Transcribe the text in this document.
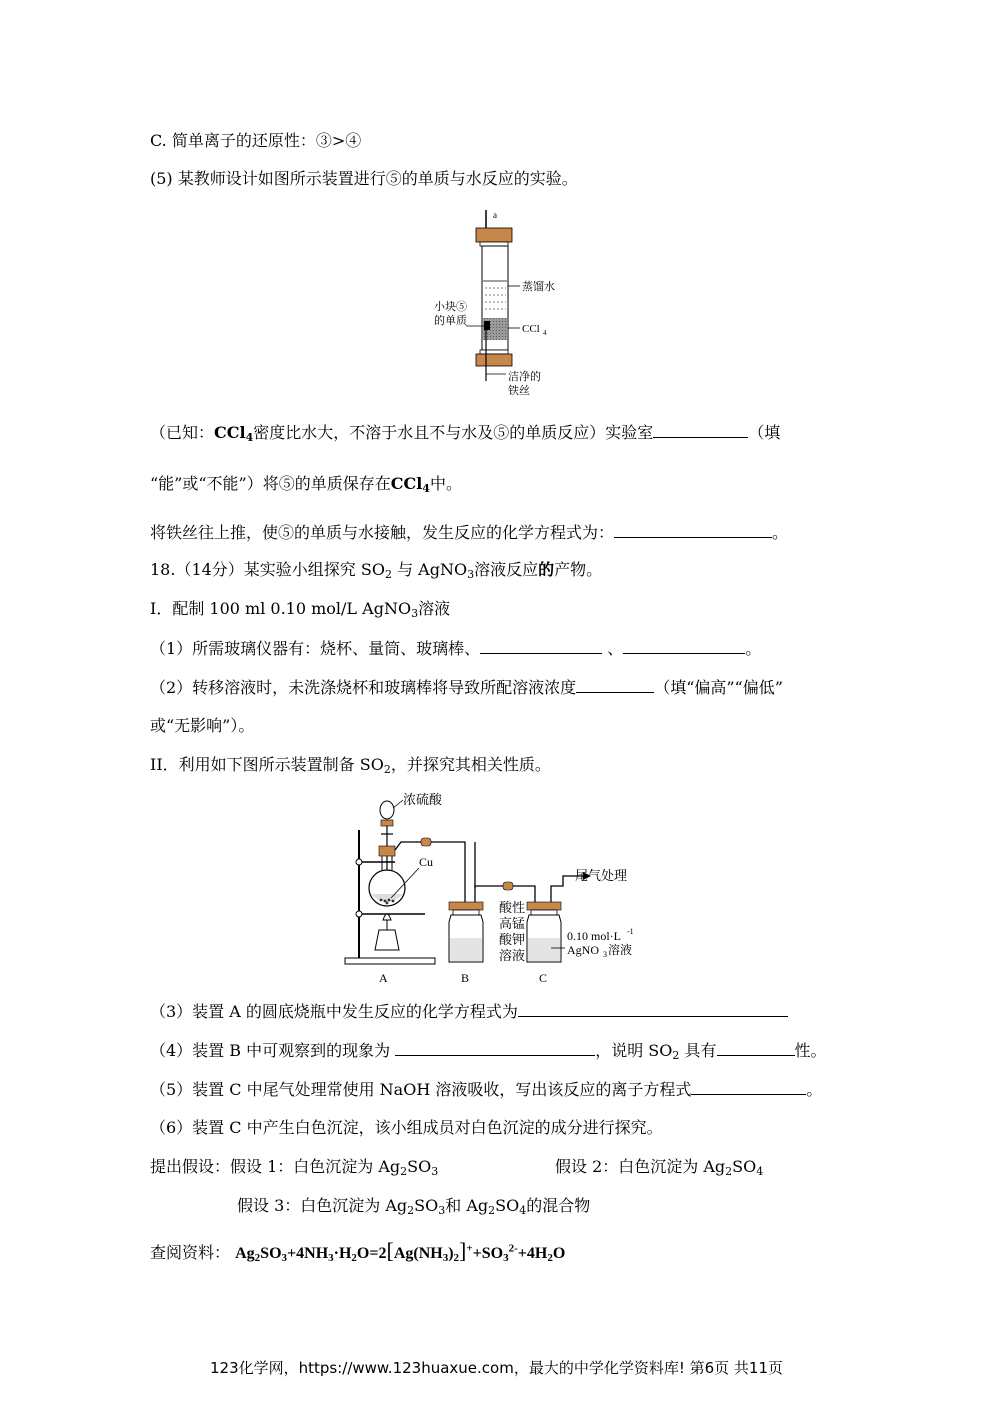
C. 简单离子的还原性：③>④
(5) 某教师设计如图所示装置进行⑤的单质与水反应的实验。
a
蒸馏水
小块⑤
的单质
CCl 4
洁净的
铁丝
（已知：CCl$_4$密度比水大，不溶于水且不与水及⑤的单质反应）实验室	（填
“能”或“不能”）将⑤的单质保存在CCl$_4$中。
将铁丝往上推，使⑤的单质与水接触，发生反应的化学方程式为：	。
18.（14分）某实验小组探究 $SO_2$ 与 AgNO$_3$溶液反应的产物。
I．配制 100 ml 0.10 mol/L AgNO$_3$溶液
（1）所需玻璃仪器有：烧杯、量筒、玻璃棒、	、	。
（2）转移溶液时，未洗涤烧杯和玻璃棒将导致所配溶液浓度	（填“偏高”“偏低”
或“无影响”）。
II．利用如下图所示装置制备 $SO_2$，并探究其相关性质。
Cu
浓硫酸
尾气处理
酸性
高锰
酸钾
溶液
0.10 mol·L -1
AgNO 3 溶液
A	B	C
（3）装置 A 的圆底烧瓶中发生反应的化学方程式为
（4）装置 B 中可观察到的现象为	，说明 $SO_2$ 具有	性。
（5）装置 C 中尾气处理常使用 NaOH 溶液吸收，写出该反应的离子方程式	。
（6）装置 C 中产生白色沉淀，该小组成员对白色沉淀的成分进行探究。
提出假设：假设 1：白色沉淀为 $Ag_2SO_3$	假设 2：白色沉淀为 $Ag_2SO_4$
假设 3：白色沉淀为 $Ag_2SO_3$和 $Ag_2SO_4$的混合物
查阅资料： $Ag_2SO_3+4NH_3\cdot H_2O=2[Ag(NH_3)_2]^++SO_3^{2-}+4H_2O$
123化学网，https://www.123huaxue.com，最大的中学化学资料库! 第6页 共11页
